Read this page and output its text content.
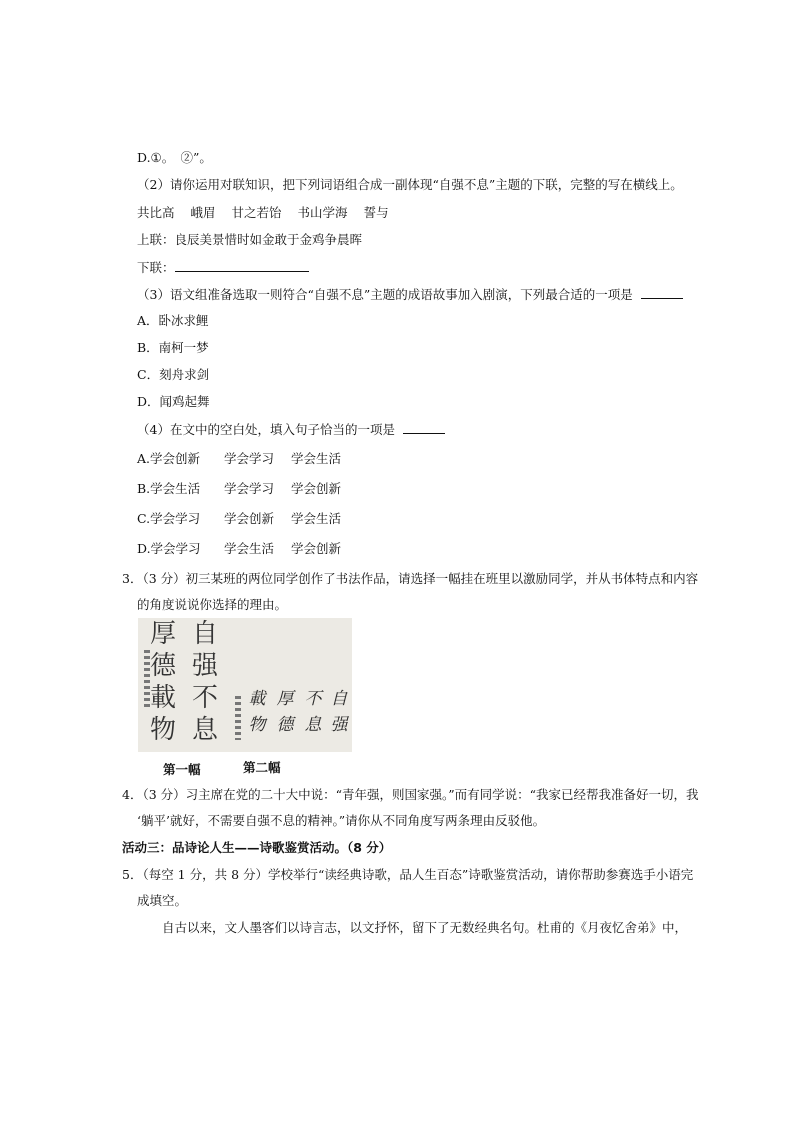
D.①。　②”。
（2）请你运用对联知识，把下列词语组合成一副体现“自强不息”主题的下联，完整的写在横线上。
共比高 峨眉 甘之若饴 书山学海 誓与
上联：良辰美景惜时如金敢于金鸡争晨晖
下联：
（3）语文组准备选取一则符合“自强不息”主题的成语故事加入剧演，下列最合适的一项是
A．卧冰求鲤
B．南柯一梦
C．刻舟求剑
D．闻鸡起舞
（4）在文中的空白处，填入句子恰当的一项是
A.学会创新 学会学习 学会生活
B.学会生活 学会学习 学会创新
C.学会学习 学会创新 学会生活
D.学会学习 学会生活 学会创新
3．（3 分）初三某班的两位同学创作了书法作品，请选择一幅挂在班里以激励同学，并从书体特点和内容
的角度说说你选择的理由。
厚
德
載
物
自
强
不
息
載
物
厚
德
不
息
自
强
第一幅	第二幅
4．（3 分）习主席在党的二十大中说：“青年强，则国家强。”而有同学说：“我家已经帮我准备好一切，我
‘躺平’就好，不需要自强不息的精神。”请你从不同角度写两条理由反驳他。
活动三：品诗论人生——诗歌鉴赏活动。（8 分）
5．（每空 1 分，共 8 分）学校举行“读经典诗歌，品人生百态”诗歌鉴赏活动，请你帮助参赛选手小语完
成填空。
自古以来，文人墨客们以诗言志，以文抒怀，留下了无数经典名句。杜甫的《月夜忆舍弟》中，
